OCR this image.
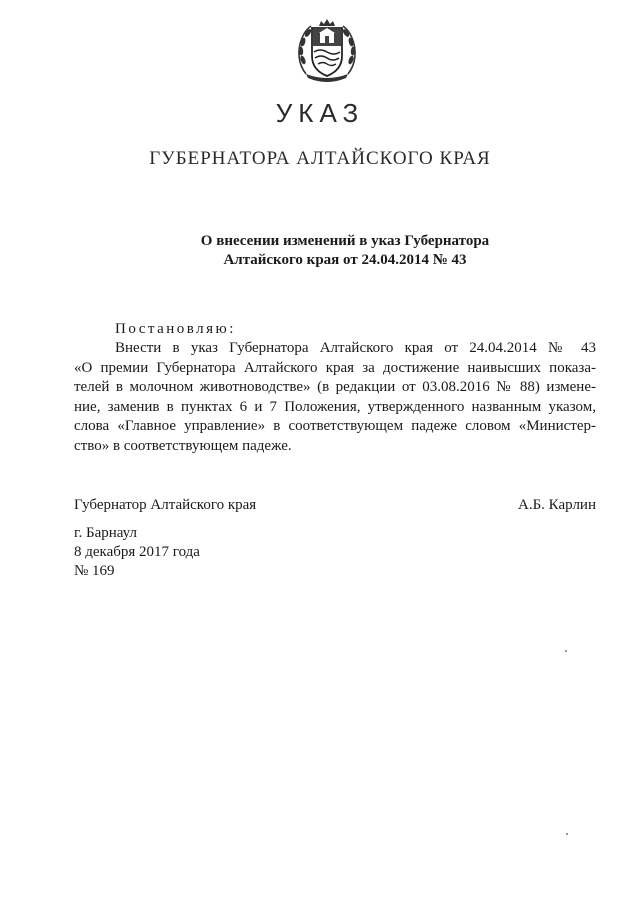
УКАЗ
ГУБЕРНАТОРА АЛТАЙСКОГО КРАЯ
О внесении изменений в указ Губернатора
Алтайского края от 24.04.2014 № 43
Постановляю:
Внести в указ Губернатора Алтайского края от 24.04.2014 № 43
«О премии Губернатора Алтайского края за достижение наивысших показа-
телей в молочном животноводстве» (в редакции от 03.08.2016 № 88) измене-
ние, заменив в пунктах 6 и 7 Положения, утвержденного названным указом,
слова «Главное управление» в соответствующем падеже словом «Министер-
ство» в соответствующем падеже.
Губернатор Алтайского края	А.Б. Карлин
г. Барнаул
8 декабря 2017 года
№ 169
